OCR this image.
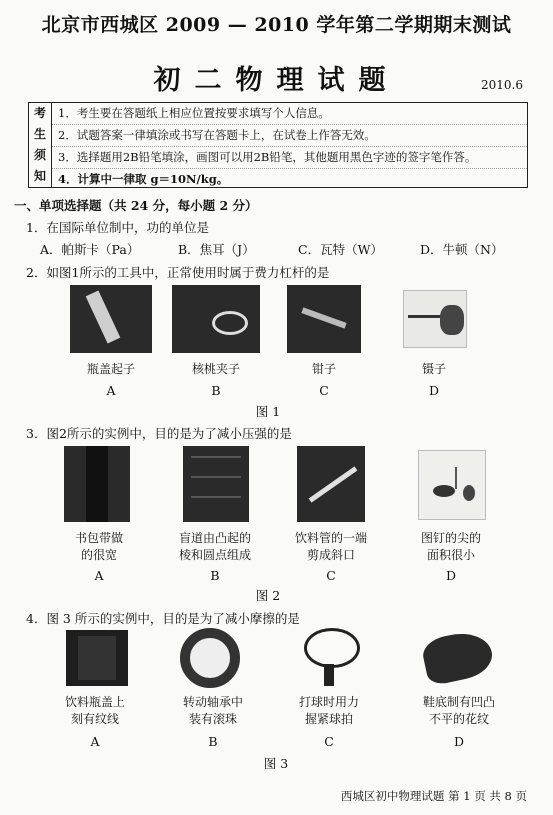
北京市西城区 2009 — 2010 学年第二学期期末测试
初二物理试题	2010.6
考
生
须
知
1．考生要在答题纸上相应位置按要求填写个人信息。
2．试题答案一律填涂或书写在答题卡上，在试卷上作答无效。
3．选择题用2B铅笔填涂，画图可以用2B铅笔，其他题用黑色字迹的签字笔作答。
4．计算中一律取 g＝10N/kg。
一、单项选择题（共 24 分，每小题 2 分）
1．在国际单位制中，功的单位是
A．帕斯卡（Pa）	B．焦耳（J）	C．瓦特（W）	D．牛顿（N）
2．如图1所示的工具中，正常使用时属于费力杠杆的是
瓶盖起子	核桃夹子	钳子	镊子
A	B	C	D
图 1
3．图2所示的实例中，目的是为了减小压强的是
书包带做
的很宽
盲道由凸起的
棱和圆点组成
饮料管的一端
剪成斜口
图钉的尖的
面积很小
A	B	C	D
图 2
4．图 3 所示的实例中，目的是为了减小摩擦的是
饮料瓶盖上
刻有纹线
转动轴承中
装有滚珠
打球时用力
握紧球拍
鞋底制有凹凸
不平的花纹
A	B	C	D
图 3
西城区初中物理试题 第 1 页 共 8 页
